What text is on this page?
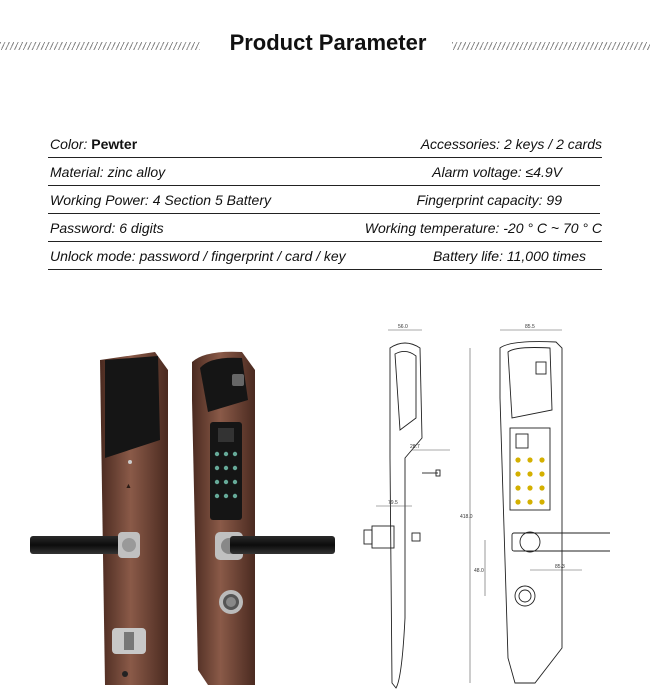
Product Parameter
Color: Pewter	Accessories: 2 keys / 2 cards
Material: zinc alloy	Alarm voltage: ≤4.9V
Working Power: 4 Section 5 Battery	Fingerprint capacity: 99
Password: 6 digits	Working temperature: -20 ° C ~ 70 ° C
Unlock mode: password / fingerprint / card / key	Battery life: 11,000 times
▲
56.0	85.5
28.7
79.5
418.0
48.0
85.3
